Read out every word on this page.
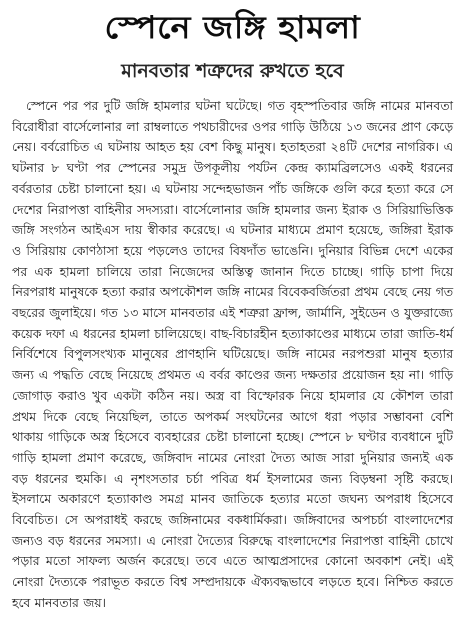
স্পেনে জঙ্গি হামলা
মানবতার শত্রুদের রুখতে হবে

স্পেনে পর পর দুটি জঙ্গি হামলার ঘটনা ঘটেছে। গত বৃহস্পতিবার জঙ্গি নামের মানবতা বিরোধীরা বার্সেলোনার লা রাম্বলাতে পথচারীদের ওপর গাড়ি উঠিয়ে ১৩ জনের প্রাণ কেড়ে নেয়। বর্বরোচিত এ ঘটনায় আহত হয় বেশ কিছু মানুষ। হতাহতরা ২৪টি দেশের নাগরিক। এ ঘটনার ৮ ঘণ্টা পর স্পেনের সমুদ্র উপকূলীয় পর্যটন কেন্দ্র ক্যামব্রিলসেও একই ধরনের বর্বরতার চেষ্টা চালানো হয়। এ ঘটনায় সন্দেহভাজন পাঁচ জঙ্গিকে গুলি করে হত্যা করে সে দেশের নিরাপত্তা বাহিনীর সদস্যরা। বার্সেলোনার জঙ্গি হামলার জন্য ইরাক ও সিরিয়াভিত্তিক জঙ্গি সংগঠন আইএস দায় স্বীকার করেছে। এ ঘটনার মাধ্যমে প্রমাণ হয়েছে, জঙ্গিরা ইরাক ও সিরিয়ায় কোণঠাসা হয়ে পড়লেও তাদের বিষদাঁত ভাঙেনি। দুনিয়ার বিভিন্ন দেশে একের পর এক হামলা চালিয়ে তারা নিজেদের অস্তিত্ব জানান দিতে চাচ্ছে। গাড়ি চাপা দিয়ে নিরপরাধ মানুষকে হত্যা করার অপকৌশল জঙ্গি নামের বিবেকবর্জিতরা প্রথম বেছে নেয় গত বছরের জুলাইয়ে। গত ১৩ মাসে মানবতার এই শত্রুরা ফ্রান্স, জার্মানি, সুইডেন ও যুক্তরাজ্যে কয়েক দফা এ ধরনের হামলা চালিয়েছে। বাছ-বিচারহীন হত্যাকাণ্ডের মাধ্যমে তারা জাতি-ধর্ম নির্বিশেষে বিপুলসংখ্যক মানুষের প্রাণহানি ঘটিয়েছে। জঙ্গি নামের নরপশুরা মানুষ হত্যার জন্য এ পদ্ধতি বেছে নিয়েছে প্রথমত এ বর্বর কাণ্ডের জন্য দক্ষতার প্রয়োজন হয় না। গাড়ি জোগাড় করাও খুব একটা কঠিন নয়। অস্ত্র বা বিস্ফোরক নিয়ে হামলার যে কৌশল তারা প্রথম দিকে বেছে নিয়েছিল, তাতে অপকর্ম সংঘটনের আগে ধরা পড়ার সম্ভাবনা বেশি থাকায় গাড়িকে অস্ত্র হিসেবে ব্যবহারের চেষ্টা চালানো হচ্ছে। স্পেনে ৮ ঘণ্টার ব্যবধানে দুটি গাড়ি হামলা প্রমাণ করেছে, জঙ্গিবাদ নামের নোংরা দৈত্য আজ সারা দুনিয়ার জন্যই এক বড় ধরনের হুমকি। এ নৃশংসতার চর্চা পবিত্র ধর্ম ইসলামের জন্য বিড়ম্বনা সৃষ্টি করছে। ইসলামে অকারণে হত্যাকাণ্ড সমগ্র মানব জাতিকে হত্যার মতো জঘন্য অপরাধ হিসেবে বিবেচিত। সে অপরাধই করছে জঙ্গিনামের বকধার্মিকরা। জঙ্গিবাদের অপচর্চা বাংলাদেশের জন্যও বড় ধরনের সমস্যা। এ নোংরা দৈত্যের বিরুদ্ধে বাংলাদেশের নিরাপত্তা বাহিনী চোখে পড়ার মতো সাফল্য অর্জন করেছে। তবে এতে আত্মপ্রসাদের কোনো অবকাশ নেই। এই নোংরা দৈত্যকে পরাভূত করতে বিশ্ব সম্প্রদায়কে ঐক্যবদ্ধভাবে লড়তে হবে। নিশ্চিত করতে হবে মানবতার জয়।
